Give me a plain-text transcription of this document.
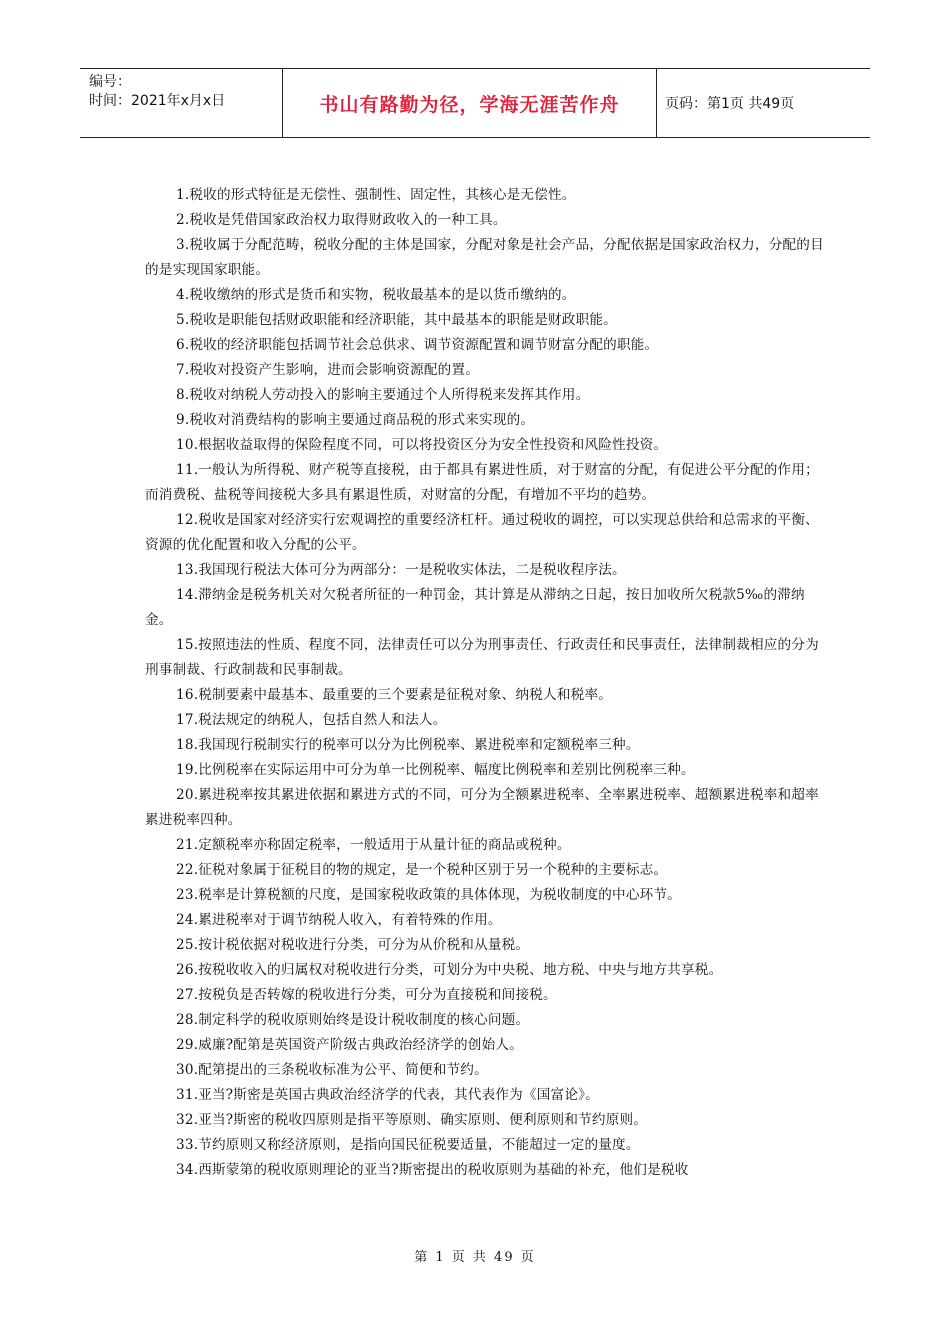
编号：
时间：2021年x月x日	书山有路勤为径，学海无涯苦作舟	页码：第1页 共49页

1.税收的形式特征是无偿性、强制性、固定性，其核心是无偿性。

2.税收是凭借国家政治权力取得财政收入的一种工具。

3.税收属于分配范畴，税收分配的主体是国家，分配对象是社会产品，分配依据是国家政治权力，分配的目的是实现国家职能。

4.税收缴纳的形式是货币和实物，税收最基本的是以货币缴纳的。

5.税收是职能包括财政职能和经济职能，其中最基本的职能是财政职能。

6.税收的经济职能包括调节社会总供求、调节资源配置和调节财富分配的职能。

7.税收对投资产生影响，进而会影响资源配的置。

8.税收对纳税人劳动投入的影响主要通过个人所得税来发挥其作用。

9.税收对消费结构的影响主要通过商品税的形式来实现的。

10.根据收益取得的保险程度不同，可以将投资区分为安全性投资和风险性投资。

11.一般认为所得税、财产税等直接税，由于都具有累进性质，对于财富的分配，有促进公平分配的作用；而消费税、盐税等间接税大多具有累退性质，对财富的分配，有增加不平均的趋势。

12.税收是国家对经济实行宏观调控的重要经济杠杆。通过税收的调控，可以实现总供给和总需求的平衡、资源的优化配置和收入分配的公平。

13.我国现行税法大体可分为两部分：一是税收实体法，二是税收程序法。

14.滞纳金是税务机关对欠税者所征的一种罚金，其计算是从滞纳之日起，按日加收所欠税款5‰的滞纳金。

15.按照违法的性质、程度不同，法律责任可以分为刑事责任、行政责任和民事责任，法律制裁相应的分为刑事制裁、行政制裁和民事制裁。

16.税制要素中最基本、最重要的三个要素是征税对象、纳税人和税率。

17.税法规定的纳税人，包括自然人和法人。

18.我国现行税制实行的税率可以分为比例税率、累进税率和定额税率三种。

19.比例税率在实际运用中可分为单一比例税率、幅度比例税率和差别比例税率三种。

20.累进税率按其累进依据和累进方式的不同，可分为全额累进税率、全率累进税率、超额累进税率和超率累进税率四种。

21.定额税率亦称固定税率，一般适用于从量计征的商品或税种。

22.征税对象属于征税目的物的规定，是一个税种区别于另一个税种的主要标志。

23.税率是计算税额的尺度，是国家税收政策的具体体现，为税收制度的中心环节。

24.累进税率对于调节纳税人收入，有着特殊的作用。

25.按计税依据对税收进行分类，可分为从价税和从量税。

26.按税收收入的归属权对税收进行分类，可划分为中央税、地方税、中央与地方共享税。

27.按税负是否转嫁的税收进行分类，可分为直接税和间接税。

28.制定科学的税收原则始终是设计税收制度的核心问题。

29.威廉?配第是英国资产阶级古典政治经济学的创始人。

30.配第提出的三条税收标准为公平、简便和节约。

31.亚当?斯密是英国古典政治经济学的代表，其代表作为《国富论》。

32.亚当?斯密的税收四原则是指平等原则、确实原则、便利原则和节约原则。

33.节约原则又称经济原则，是指向国民征税要适量，不能超过一定的量度。

34.西斯蒙第的税收原则理论的亚当?斯密提出的税收原则为基础的补充，他们是税收

第 1 页 共 49 页
